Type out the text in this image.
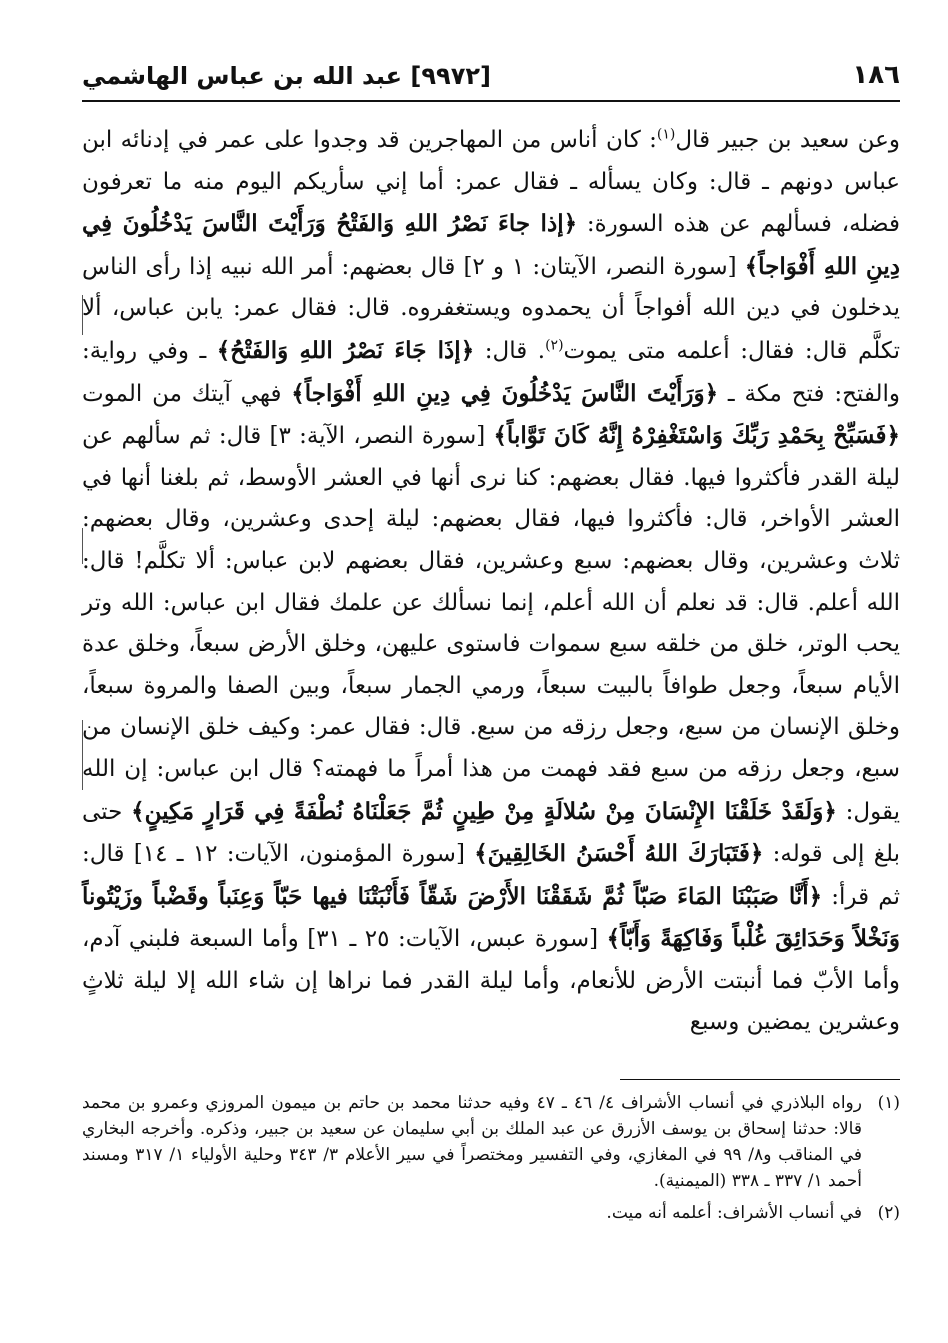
١٨٦
[٩٩٧٢] عبد الله بن عباس الهاشمي

وعن سعيد بن جبير قال$^{(١)}$: كان أناس من المهاجرين قد وجدوا على عمر في إدنائه ابن عباس دونهم ـ قال: وكان يسأله ـ فقال عمر: أما إني سأريكم اليوم منه ما تعرفون فضله، فسألهم عن هذه السورة: ﴿إذا جاءَ نَصْرُ اللهِ وَالفَتْحُ وَرَأَيْتَ النَّاسَ يَدْخُلُونَ فِي دِينِ اللهِ أَفْوَاجاً﴾ [سورة النصر، الآيتان: ١ و ٢] قال بعضهم: أمر الله نبيه إذا رأى الناس يدخلون في دين الله أفواجاً أن يحمدوه ويستغفروه. قال: فقال عمر: يابن عباس، ألا تكلَّم قال: فقال: أعلمه متى يموت$^{(٢)}$. قال: ﴿إذَا جَاءَ نَصْرُ اللهِ وَالفَتْحُ﴾ ـ وفي رواية: والفتح: فتح مكة ـ ﴿وَرَأَيْتَ النَّاسَ يَدْخُلُونَ فِي دِينِ اللهِ أَفْوَاجاً﴾ فهي آيتك من الموت ﴿فَسَبِّحْ بِحَمْدِ رَبِّكَ وَاسْتَغْفِرْهُ إِنَّهُ كَانَ تَوَّاباً﴾ [سورة النصر، الآية: ٣] قال: ثم سألهم عن ليلة القدر فأكثروا فيها. فقال بعضهم: كنا نرى أنها في العشر الأوسط، ثم بلغنا أنها في العشر الأواخر، قال: فأكثروا فيها، فقال بعضهم: ليلة إحدى وعشرين، وقال بعضهم: ثلاث وعشرين، وقال بعضهم: سبع وعشرين، فقال بعضهم لابن عباس: ألا تكلَّم! قال: الله أعلم. قال: قد نعلم أن الله أعلم، إنما نسألك عن علمك فقال ابن عباس: الله وتر يحب الوتر، خلق من خلقه سبع سموات فاستوى عليهن، وخلق الأرض سبعاً، وخلق عدة الأيام سبعاً، وجعل طوافاً بالبيت سبعاً، ورمي الجمار سبعاً، وبين الصفا والمروة سبعاً، وخلق الإنسان من سبع، وجعل رزقه من سبع. قال: فقال عمر: وكيف خلق الإنسان من سبع، وجعل رزقه من سبع فقد فهمت من هذا أمراً ما فهمته؟ قال ابن عباس: إن الله يقول: ﴿وَلَقَدْ خَلَقْنَا الإِنْسَانَ مِنْ سُلالَةٍ مِنْ طِينٍ ثُمَّ جَعَلْنَاهُ نُطْفَةً فِي قَرَارٍ مَكِينٍ﴾ حتى بلغ إلى قوله: ﴿فَتَبَارَكَ اللهُ أَحْسَنُ الخَالِقِينَ﴾ [سورة المؤمنون، الآيات: ١٢ ـ ١٤] قال: ثم قرأ: ﴿أَنَّا صَبَبْنَا المَاءَ صَبّاً ثُمَّ شَقَقْنَا الأَرْضَ شَقّاً فَأَنْبَتْنَا فيها حَبّاً وَعِنَباً وقَضْباً وزَيْتُوناً وَنَخْلاً وَحَدَائِقَ غُلْباً وَفَاكِهَةً وَأَبّاً﴾ [سورة عبس، الآيات: ٢٥ ـ ٣١] وأما السبعة فلبني آدم، وأما الأبّ فما أنبتت الأرض للأنعام، وأما ليلة القدر فما نراها إن شاء الله إلا ليلة ثلاثٍ وعشرين يمضين وسبع

(١)
رواه البلاذري في أنساب الأشراف ٤/ ٤٦ ـ ٤٧ وفيه حدثنا محمد بن حاتم بن ميمون المروزي وعمرو بن محمد قالا: حدثنا إسحاق بن يوسف الأزرق عن عبد الملك بن أبي سليمان عن سعيد بن جبير، وذكره. وأخرجه البخاري في المناقب و٨/ ٩٩ في المغازي، وفي التفسير ومختصراً في سير الأعلام ٣/ ٣٤٣ وحلية الأولياء ١/ ٣١٧ ومسند أحمد ١/ ٣٣٧ ـ ٣٣٨ (الميمنية).
(٢)
في أنساب الأشراف: أعلمه أنه ميت.
